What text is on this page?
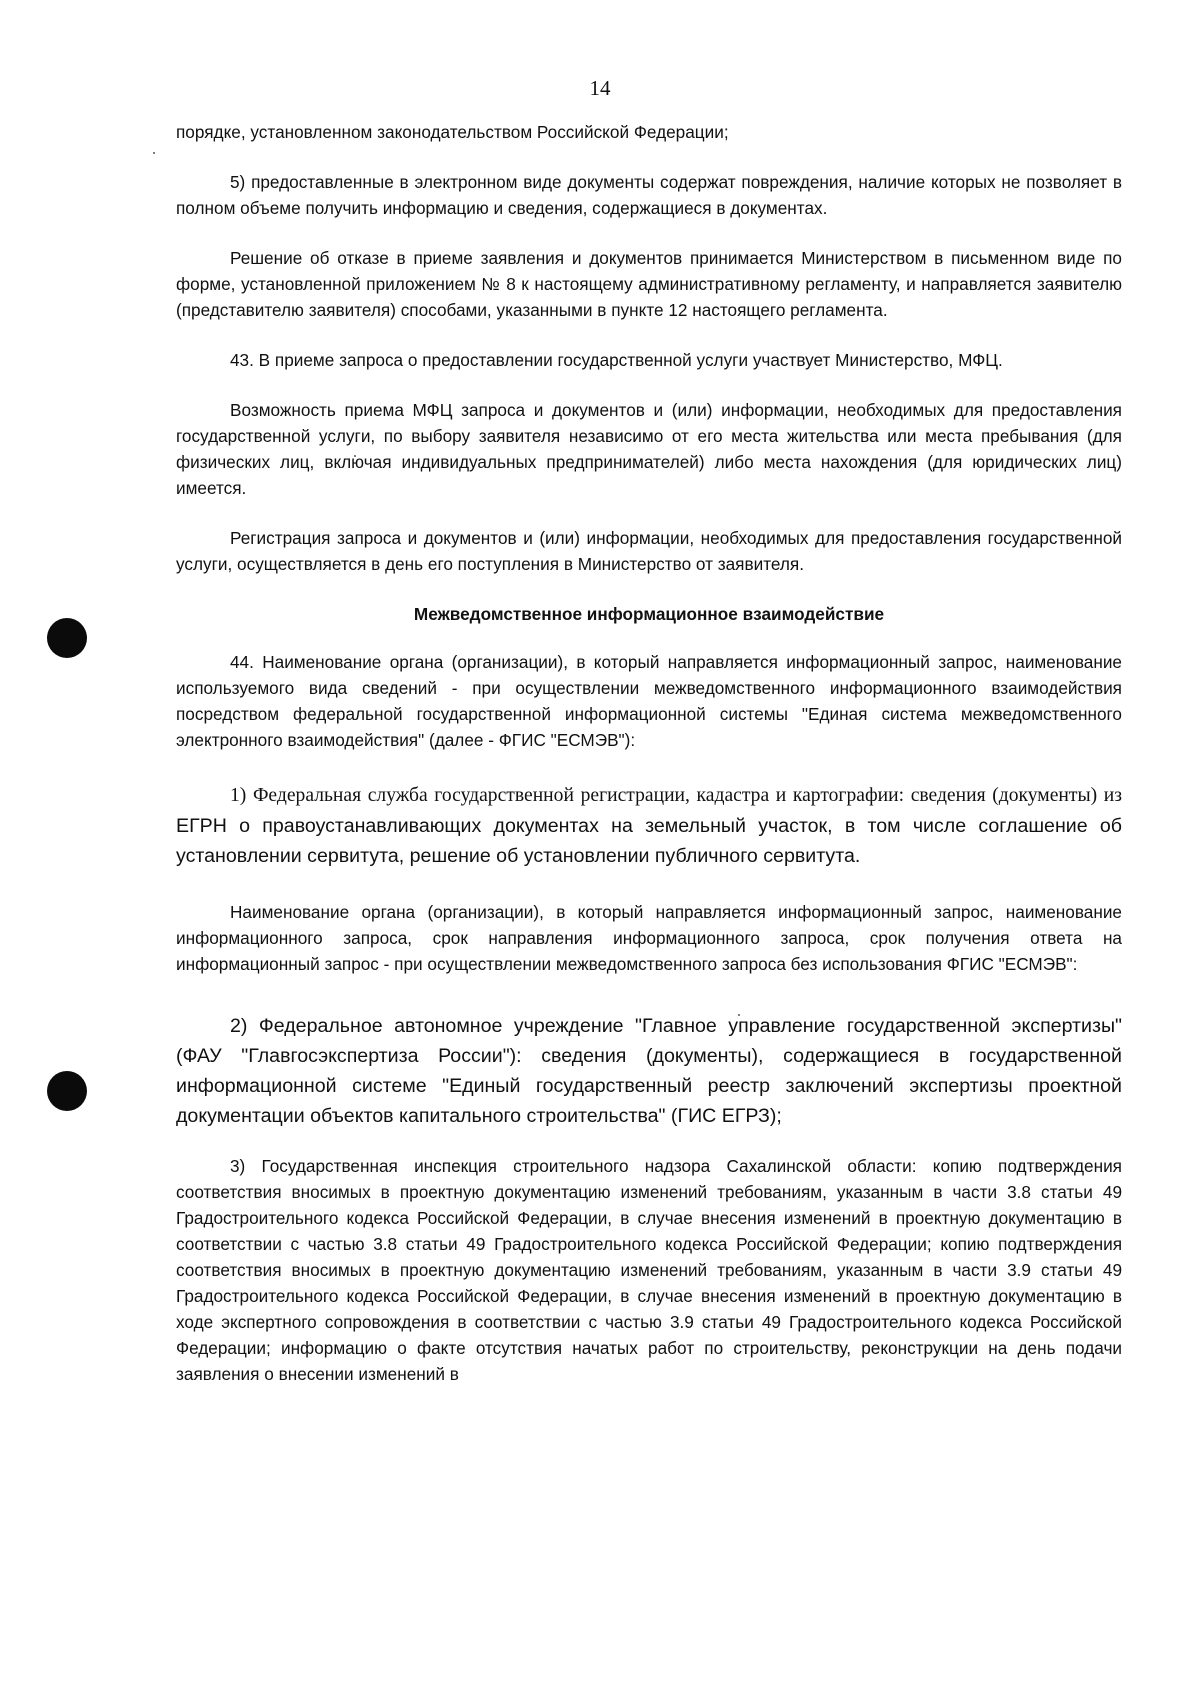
14

порядке, установленном законодательством Российской Федерации;

5) предоставленные в электронном виде документы содержат повреждения, наличие которых не позволяет в полном объеме получить информацию и сведения, содержащиеся в документах.

Решение об отказе в приеме заявления и документов принимается Министерством в письменном виде по форме, установленной приложением № 8 к настоящему административному регламенту, и направляется заявителю (представителю заявителя) способами, указанными в пункте 12 настоящего регламента.

43. В приеме запроса о предоставлении государственной услуги участвует Министерство, МФЦ.

Возможность приема МФЦ запроса и документов и (или) информации, необходимых для предоставления государственной услуги, по выбору заявителя независимо от его места жительства или места пребывания (для физических лиц, включая индивидуальных предпринимателей) либо места нахождения (для юридических лиц) имеется.

Регистрация запроса и документов и (или) информации, необходимых для предоставления государственной услуги, осуществляется в день его поступления в Министерство от заявителя.

Межведомственное информационное взаимодействие

44. Наименование органа (организации), в который направляется информационный запрос, наименование используемого вида сведений - при осуществлении межведомственного информационного взаимодействия посредством федеральной государственной информационной системы "Единая система межведомственного электронного взаимодействия" (далее - ФГИС "ЕСМЭВ"):

1) Федеральная служба государственной регистрации, кадастра и картографии: сведения (документы) из ЕГРН о правоустанавливающих документах на земельный участок, в том числе соглашение об установлении сервитута, решение об установлении публичного сервитута.

Наименование органа (организации), в который направляется информационный запрос, наименование информационного запроса, срок направления информационного запроса, срок получения ответа на информационный запрос - при осуществлении межведомственного запроса без использования ФГИС "ЕСМЭВ":

2) Федеральное автономное учреждение "Главное управление государственной экспертизы" (ФАУ "Главгосэкспертиза России"): сведения (документы), содержащиеся в государственной информационной системе "Единый государственный реестр заключений экспертизы проектной документации объектов капитального строительства" (ГИС ЕГРЗ);

3) Государственная инспекция строительного надзора Сахалинской области: копию подтверждения соответствия вносимых в проектную документацию изменений требованиям, указанным в части 3.8 статьи 49 Градостроительного кодекса Российской Федерации, в случае внесения изменений в проектную документацию в соответствии с частью 3.8 статьи 49 Градостроительного кодекса Российской Федерации; копию подтверждения соответствия вносимых в проектную документацию изменений требованиям, указанным в части 3.9 статьи 49 Градостроительного кодекса Российской Федерации, в случае внесения изменений в проектную документацию в ходе экспертного сопровождения в соответствии с частью 3.9 статьи 49 Градостроительного кодекса Российской Федерации; информацию о факте отсутствия начатых работ по строительству, реконструкции на день подачи заявления о внесении изменений в
